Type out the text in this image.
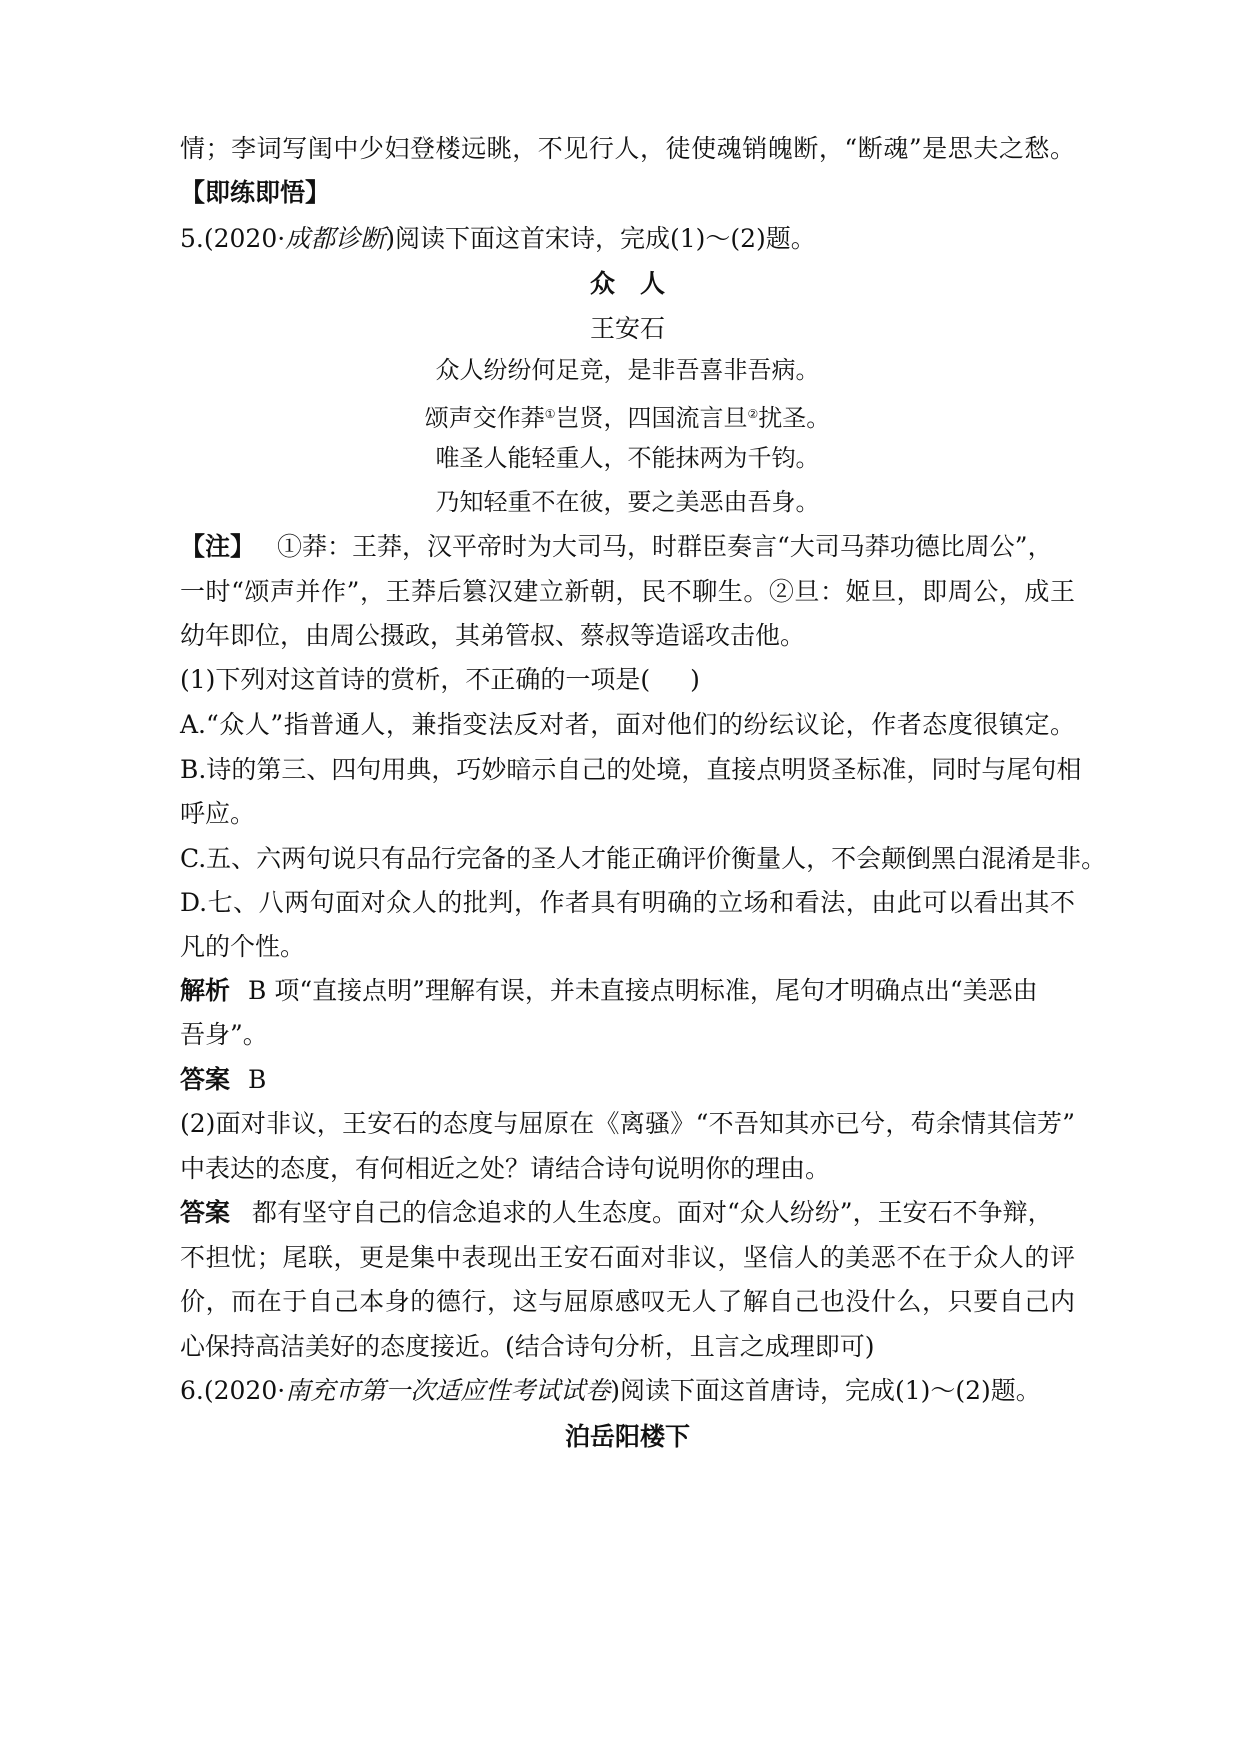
情；李词写闺中少妇登楼远眺，不见行人，徒使魂销魄断，“断魂”是思夫之愁。
【即练即悟】
5.(2020·成都诊断)阅读下面这首宋诗，完成(1)～(2)题。
众　人
王安石
众人纷纷何足竞，是非吾喜非吾病。
颂声交作莽①岂贤，四国流言旦②扰圣。
唯圣人能轻重人，不能抹两为千钧。
乃知轻重不在彼，要之美恶由吾身。
【注】 ①莽：王莽，汉平帝时为大司马，时群臣奏言“大司马莽功德比周公”，
一时“颂声并作”，王莽后篡汉建立新朝，民不聊生。②旦：姬旦，即周公，成王
幼年即位，由周公摄政，其弟管叔、蔡叔等造谣攻击他。
(1)下列对这首诗的赏析，不正确的一项是( )
A.“众人”指普通人，兼指变法反对者，面对他们的纷纭议论，作者态度很镇定。
B.诗的第三、四句用典，巧妙暗示自己的处境，直接点明贤圣标准，同时与尾句相
呼应。
C.五、六两句说只有品行完备的圣人才能正确评价衡量人，不会颠倒黑白混淆是非。
D.七、八两句面对众人的批判，作者具有明确的立场和看法，由此可以看出其不
凡的个性。
解析 B 项“直接点明”理解有误，并未直接点明标准，尾句才明确点出“美恶由
吾身”。
答案 B
(2)面对非议，王安石的态度与屈原在《离骚》“不吾知其亦已兮，苟余情其信芳”
中表达的态度，有何相近之处？请结合诗句说明你的理由。
答案 都有坚守自己的信念追求的人生态度。面对“众人纷纷”，王安石不争辩，
不担忧；尾联，更是集中表现出王安石面对非议，坚信人的美恶不在于众人的评
价，而在于自己本身的德行，这与屈原感叹无人了解自己也没什么，只要自己内
心保持高洁美好的态度接近。(结合诗句分析，且言之成理即可)
6.(2020·南充市第一次适应性考试试卷)阅读下面这首唐诗，完成(1)～(2)题。
泊岳阳楼下
